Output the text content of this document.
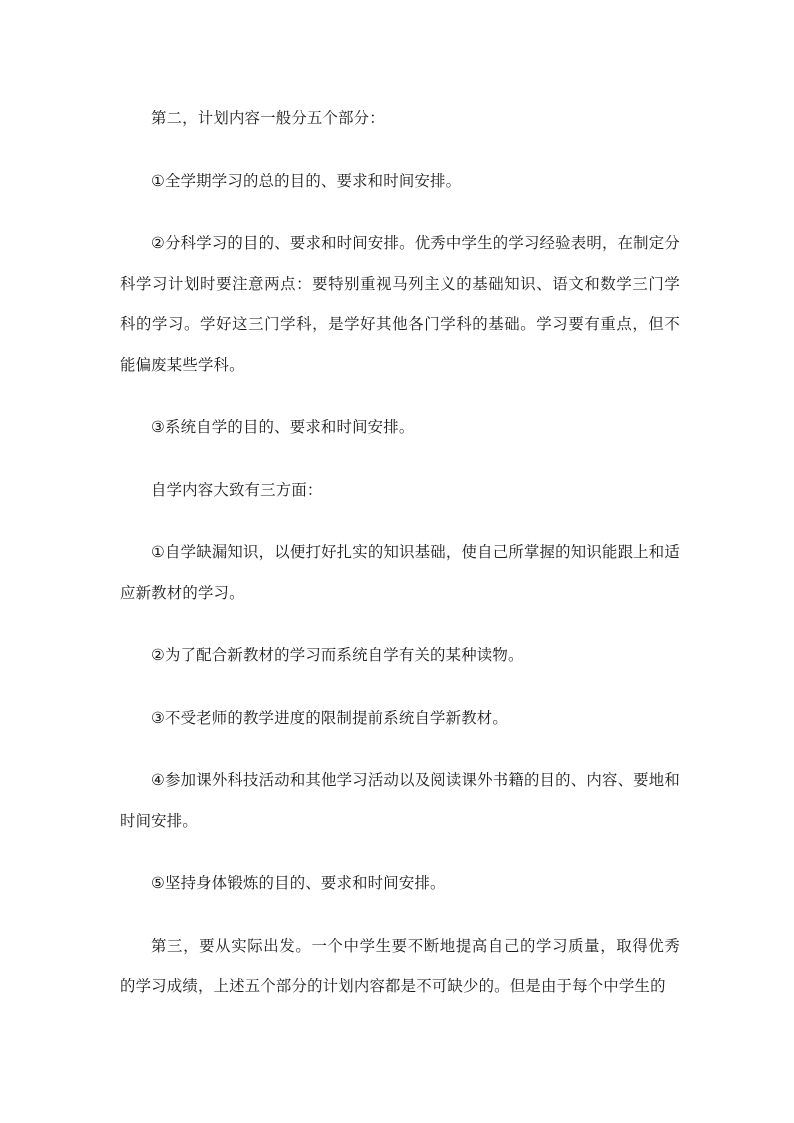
第二，计划内容一般分五个部分：

①全学期学习的总的目的、要求和时间安排。

②分科学习的目的、要求和时间安排。优秀中学生的学习经验表明，在制定分科学习计划时要注意两点：要特别重视马列主义的基础知识、语文和数学三门学科的学习。学好这三门学科，是学好其他各门学科的基础。学习要有重点，但不能偏废某些学科。

③系统自学的目的、要求和时间安排。

自学内容大致有三方面：

①自学缺漏知识，以便打好扎实的知识基础，使自己所掌握的知识能跟上和适应新教材的学习。

②为了配合新教材的学习而系统自学有关的某种读物。

③不受老师的教学进度的限制提前系统自学新教材。

④参加课外科技活动和其他学习活动以及阅读课外书籍的目的、内容、要地和时间安排。

⑤坚持身体锻炼的目的、要求和时间安排。

第三，要从实际出发。一个中学生要不断地提高自己的学习质量，取得优秀的学习成绩，上述五个部分的计划内容都是不可缺少的。但是由于每个中学生的
